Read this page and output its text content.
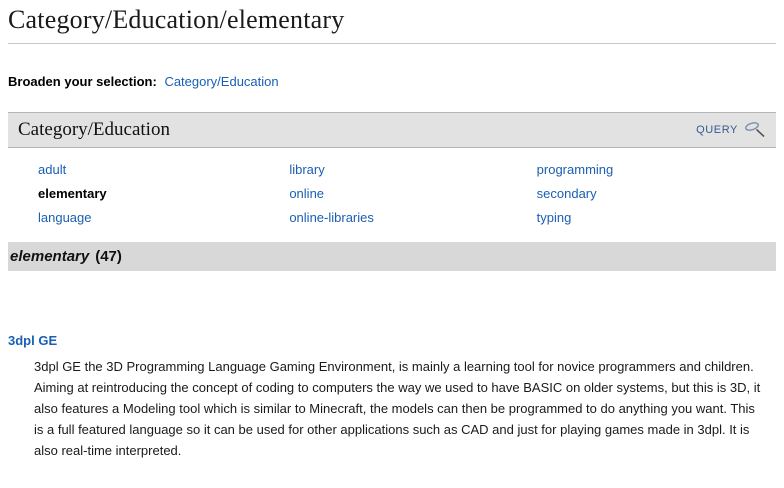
Category/Education/elementary
Broaden your selection: Category/Education
Category/Education	QUERY
adult
elementary
language
library
online
online-libraries
programming
secondary
typing
elementary (47)
3dpl GE

3dpl GE the 3D Programming Language Gaming Environment, is mainly a learning tool for novice programmers and children. Aiming at reintroducing the concept of coding to computers the way we used to have BASIC on older systems, but this is 3D, it also features a Modeling tool which is similar to Minecraft, the models can then be programmed to do anything you want. This is a full featured language so it can be used for other applications such as CAD and just for playing games made in 3dpl. It is also real-time interpreted.
